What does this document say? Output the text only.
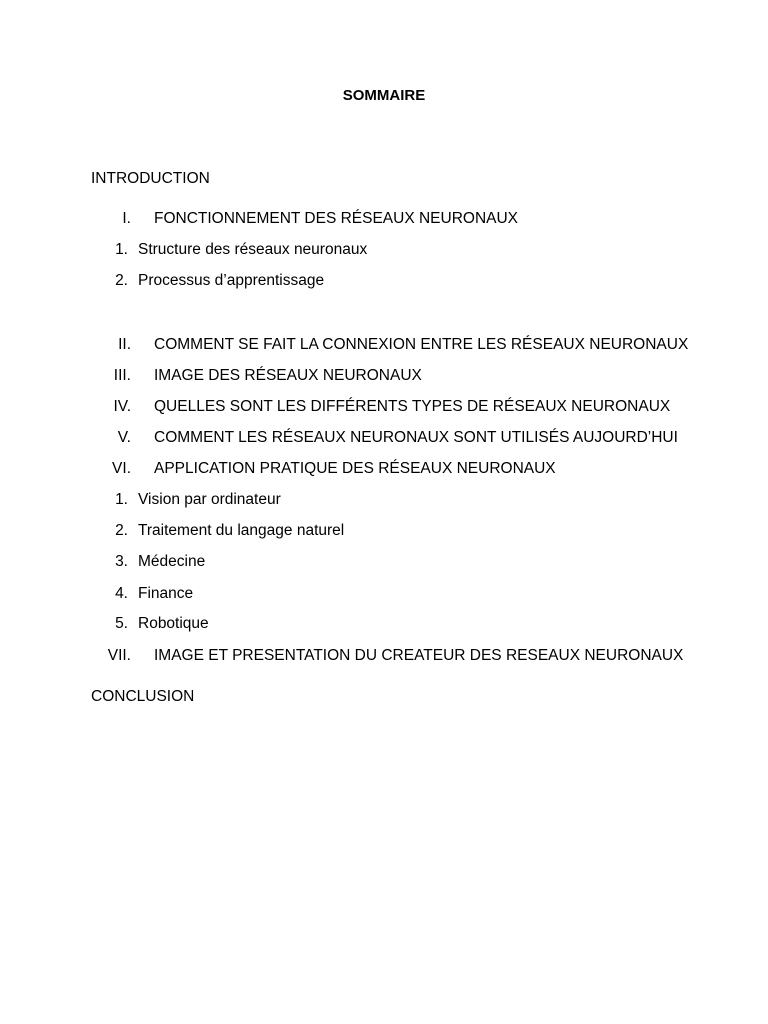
SOMMAIRE
INTRODUCTION
I. FONCTIONNEMENT DES RÉSEAUX NEURONAUX
1. Structure des réseaux neuronaux
2. Processus d’apprentissage
II. COMMENT SE FAIT LA CONNEXION ENTRE LES RÉSEAUX NEURONAUX
III. IMAGE DES RÉSEAUX NEURONAUX
IV. QUELLES SONT LES DIFFÉRENTS TYPES DE RÉSEAUX NEURONAUX
V. COMMENT LES RÉSEAUX NEURONAUX SONT UTILISÉS AUJOURD’HUI
VI. APPLICATION PRATIQUE DES RÉSEAUX NEURONAUX
1. Vision par ordinateur
2. Traitement du langage naturel
3. Médecine
4. Finance
5. Robotique
VII. IMAGE ET PRESENTATION DU CREATEUR DES RESEAUX NEURONAUX
CONCLUSION
